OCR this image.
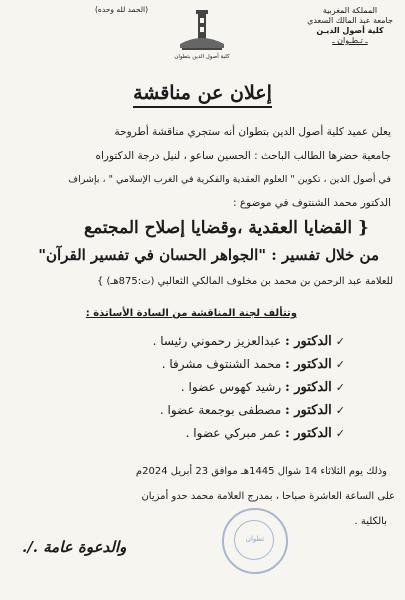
المملكة المغربية
جامعة عبد المالك السعدي
كلية أصول الديـن
ـ تـطـوان ـ
(الحمد لله وحده)
كلية أصول الدين بتطوان
إعلان عن مناقشة
يعلن عميد كلية أصول الدين بتطوان أنه ستجري مناقشة أطروحة
جامعية حضرها الطالب الباحث : الحسين ساعو ، لنيل درجة الدكتوراه
في أصول الدين ، تكوين " العلوم العقدية والفكرية في الغرب الإسلامي " ، بإشراف
الدكتور محمد الشنتوف في موضوع :
{ القضايا العقدية ،وقضايا إصلاح المجتمع
من خلال تفسير : "الجواهر الحسان في تفسير القرآن"
للعلامة عبد الرحمن بن محمد بن مخلوف المالكي الثعالبي (ت:875هـ) }
وتتألف لجنة المناقشة من السادة الأساتذة :
✓الدكتور : عبدالعزيز رحموني رئيسا .
✓الدكتور : محمد الشنتوف مشرفا .
✓الدكتور : رشيد كهوس عضوا .
✓الدكتور : مصطفى بوجمعة عضوا .
✓الدكتور : عمر مبركي عضوا .
وذلك يوم الثلاثاء 14 شوال 1445هـ موافق 23 أبريل 2024م
على الساعة العاشرة صباحا ، بمدرج العلامة محمد حدو أمزيان
بالكلية .
تطوان
والدعوة عامة ./.
